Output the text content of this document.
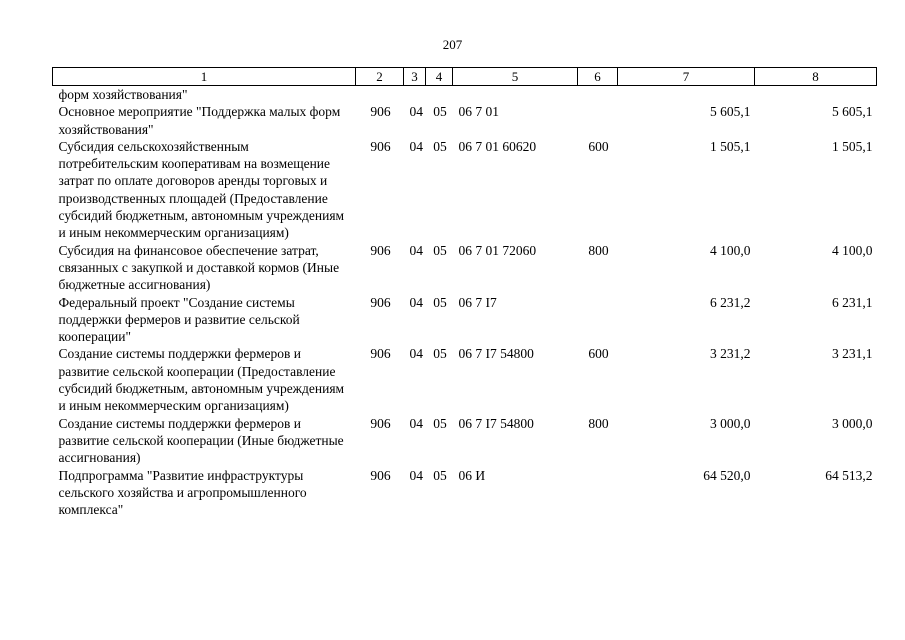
207
1	2	3	4	5	6	7	8
форм хозяйствования"							
Основное мероприятие "Поддержка малых форм хозяйствования"	906	04	05	06 7 01		5 605,1	5 605,1
Субсидия сельскохозяйственным потребительским кооперативам на возмещение затрат по оплате договоров аренды торговых и производственных площадей (Предоставление субсидий бюджетным, автономным учреждениям и иным некоммерческим организациям)	906	04	05	06 7 01 60620	600	1 505,1	1 505,1
Субсидия на финансовое обеспечение затрат, связанных с закупкой и доставкой кормов (Иные бюджетные ассигнования)	906	04	05	06 7 01 72060	800	4 100,0	4 100,0
Федеральный проект "Создание системы поддержки фермеров и развитие сельской кооперации"	906	04	05	06 7 I7		6 231,2	6 231,1
Создание системы поддержки фермеров и развитие сельской кооперации (Предоставление субсидий бюджетным, автономным учреждениям и иным некоммерческим организациям)	906	04	05	06 7 I7 54800	600	3 231,2	3 231,1
Создание системы поддержки фермеров и развитие сельской кооперации (Иные бюджетные ассигнования)	906	04	05	06 7 I7 54800	800	3 000,0	3 000,0
Подпрограмма "Развитие инфраструктуры сельского хозяйства и агропромышленного комплекса"	906	04	05	06 И		64 520,0	64 513,2
